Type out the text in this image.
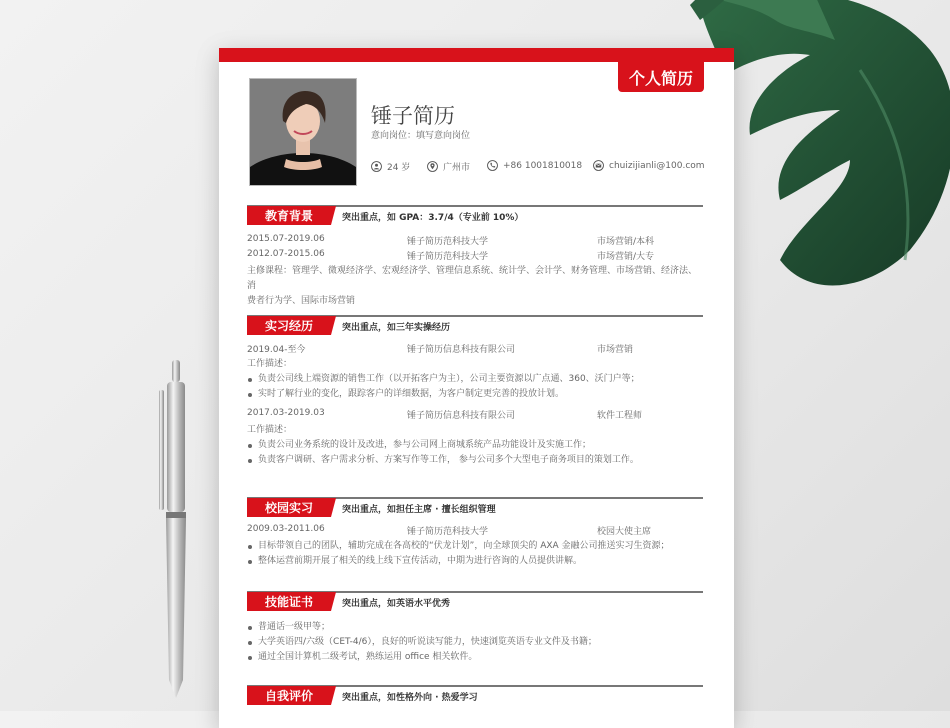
个人简历
锤子简历
意向岗位：填写意向岗位
24 岁	广州市	+86 1001810018	chuizijianli@100.com
教育背景	突出重点，如 GPA：3.7/4（专业前 10%）
2015.07-2019.06	锤子简历范科技大学	市场营销/本科
2012.07-2015.06	锤子简历范科技大学	市场营销/大专
主修课程：管理学、微观经济学、宏观经济学、管理信息系统、统计学、会计学、财务管理、市场营销、经济法、消
费者行为学、国际市场营销
实习经历	突出重点，如三年实操经历
2019.04-至今	锤子简历信息科技有限公司	市场营销
工作描述：
负责公司线上端资源的销售工作（以开拓客户为主），公司主要资源以广点通、360、沃门户等；
实时了解行业的变化，跟踪客户的详细数据，为客户制定更完善的投放计划。
2017.03-2019.03	锤子简历信息科技有限公司	软件工程师
工作描述：
负责公司业务系统的设计及改进，参与公司网上商城系统产品功能设计及实施工作；
负责客户调研、客户需求分析、方案写作等工作， 参与公司多个大型电子商务项目的策划工作。
校园实习	突出重点，如担任主席 · 擅长组织管理
2009.03-2011.06	锤子简历范科技大学	校园大使主席
目标带领自己的团队，辅助完成在各高校的“伏龙计划”，向全球顶尖的 AXA 金融公司推送实习生资源；
整体运营前期开展了相关的线上线下宣传活动，中期为进行咨询的人员提供讲解。
技能证书	突出重点，如英语水平优秀
普通话一级甲等；
大学英语四/六级（CET-4/6），良好的听说读写能力，快速浏览英语专业文件及书籍；
通过全国计算机二级考试，熟练运用 office 相关软件。
自我评价	突出重点，如性格外向 · 热爱学习
